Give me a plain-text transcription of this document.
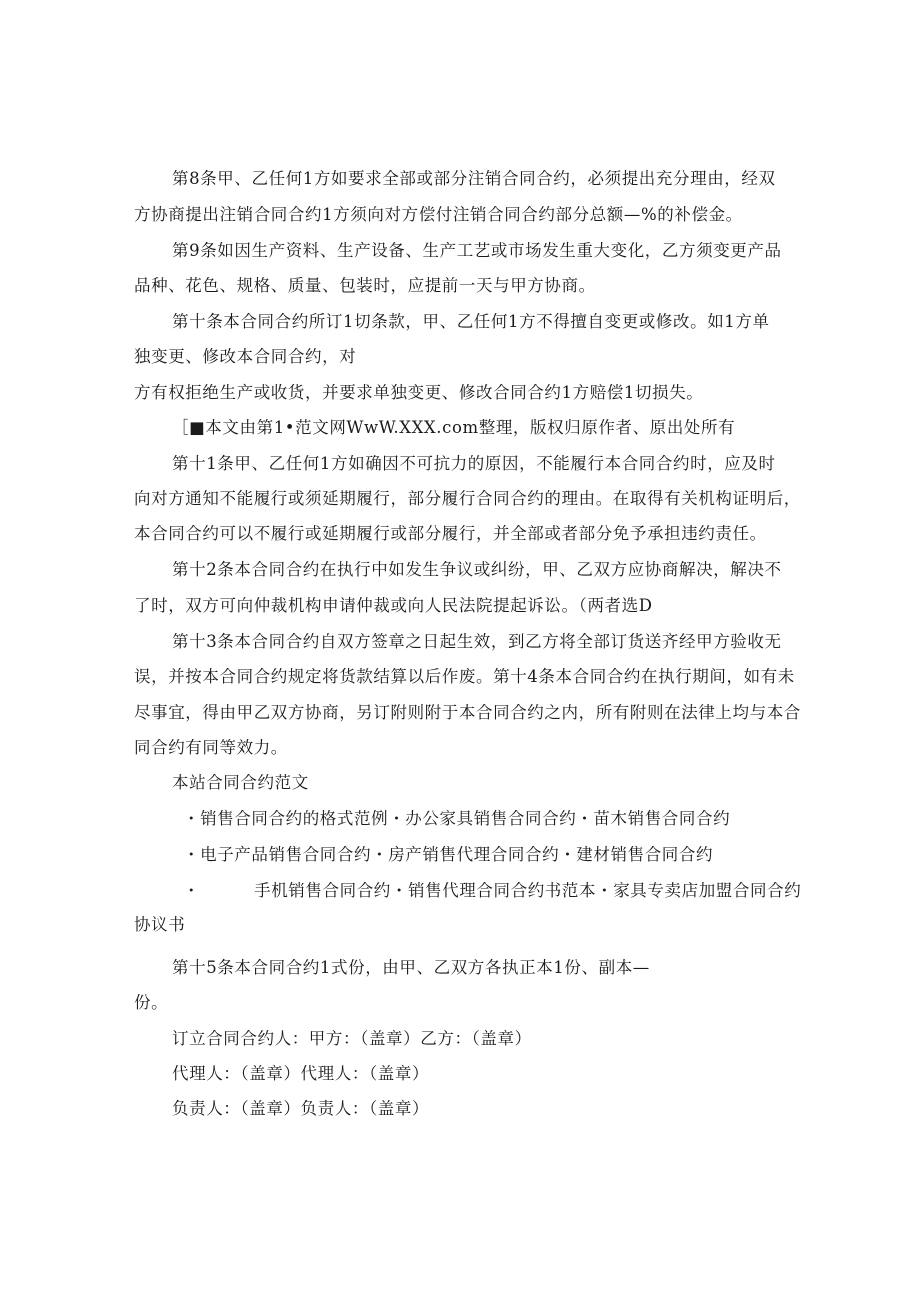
第8条甲、乙任何1方如要求全部或部分注销合同合约，必须提出充分理由，经双
方协商提出注销合同合约1方须向对方偿付注销合同合约部分总额—%的补偿金。
第9条如因生产资料、生产设备、生产工艺或市场发生重大变化，乙方须变更产品
品种、花色、规格、质量、包装时，应提前一天与甲方协商。
第十条本合同合约所订1切条款，甲、乙任何1方不得擅自变更或修改。如1方单
独变更、修改本合同合约，对
方有权拒绝生产或收货，并要求单独变更、修改合同合约1方赔偿1切损失。
［■本文由第1•范文网WwW.XXX.com整理，版权归原作者、原出处所有
第十1条甲、乙任何1方如确因不可抗力的原因，不能履行本合同合约时，应及时
向对方通知不能履行或须延期履行，部分履行合同合约的理由。在取得有关机构证明后，
本合同合约可以不履行或延期履行或部分履行，并全部或者部分免予承担违约责任。
第十2条本合同合约在执行中如发生争议或纠纷，甲、乙双方应协商解决，解决不
了时，双方可向仲裁机构申请仲裁或向人民法院提起诉讼。（两者选D
第十3条本合同合约自双方签章之日起生效，到乙方将全部订货送齐经甲方验收无
误，并按本合同合约规定将货款结算以后作废。第十4条本合同合约在执行期间，如有未
尽事宜，得由甲乙双方协商，另订附则附于本合同合约之内，所有附则在法律上均与本合
同合约有同等效力。
本站合同合约范文
・销售合同合约的格式范例・办公家具销售合同合约・苗木销售合同合约
・电子产品销售合同合约・房产销售代理合同合约・建材销售合同合约
・	手机销售合同合约・销售代理合同合约书范本・家具专卖店加盟合同合约
协议书
第十5条本合同合约1式份，由甲、乙双方各执正本1份、副本—
份。
订立合同合约人：甲方：（盖章）乙方：（盖章）
代理人：（盖章）代理人：（盖章）
负责人：（盖章）负责人：（盖章）
